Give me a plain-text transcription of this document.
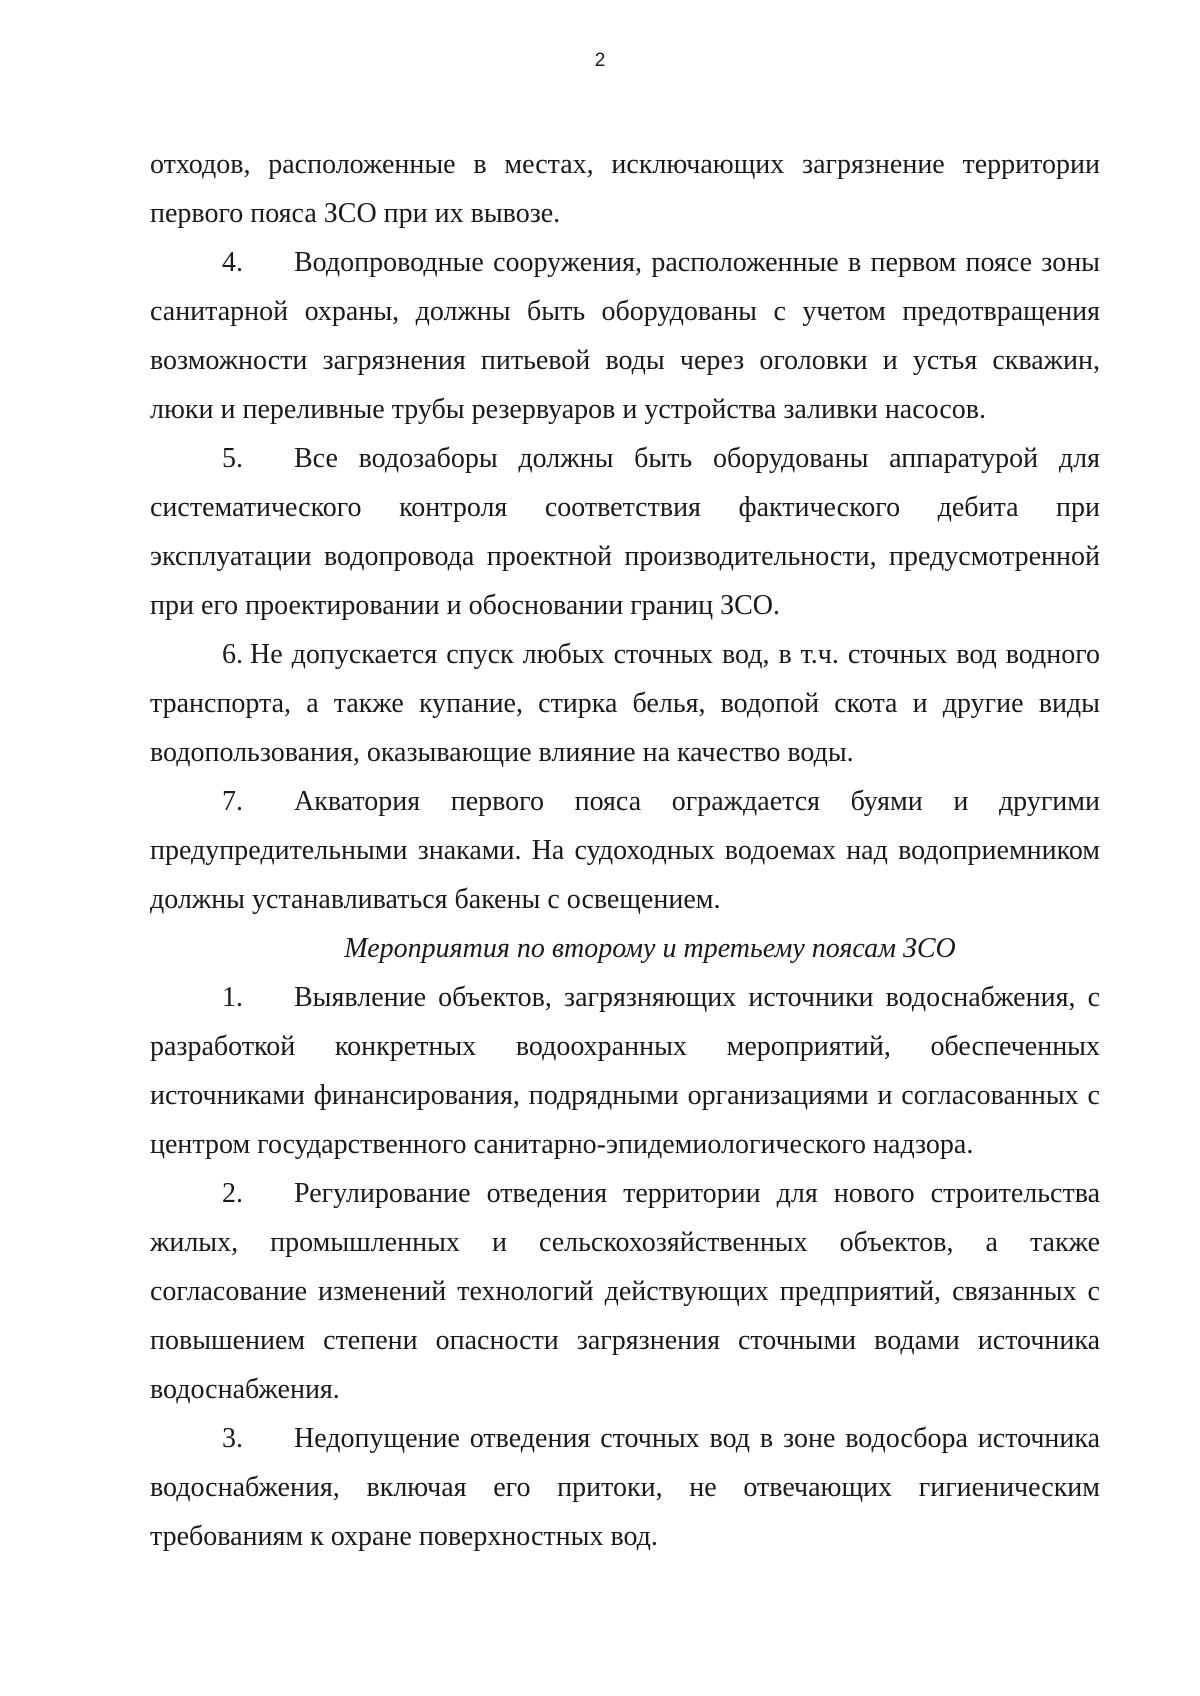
2

отходов, расположенные в местах, исключающих загрязнение территории первого пояса ЗСО при их вывозе.

4. Водопроводные сооружения, расположенные в первом поясе зоны санитарной охраны, должны быть оборудованы с учетом предотвращения возможности загрязнения питьевой воды через оголовки и устья скважин, люки и переливные трубы резервуаров и устройства заливки насосов.

5. Все водозаборы должны быть оборудованы аппаратурой для систематического контроля соответствия фактического дебита при эксплуатации водопровода проектной производительности, предусмотренной при его проектировании и обосновании границ ЗСО.

6. Не допускается спуск любых сточных вод, в т.ч. сточных вод водного транспорта, а также купание, стирка белья, водопой скота и другие виды водопользования, оказывающие влияние на качество воды.

7. Акватория первого пояса ограждается буями и другими предупредительными знаками. На судоходных водоемах над водоприемником должны устанавливаться бакены с освещением.

Мероприятия по второму и третьему поясам ЗСО

1. Выявление объектов, загрязняющих источники водоснабжения, с разработкой конкретных водоохранных мероприятий, обеспеченных источниками финансирования, подрядными организациями и согласованных с центром государственного санитарно-эпидемиологического надзора.

2. Регулирование отведения территории для нового строительства жилых, промышленных и сельскохозяйственных объектов, а также согласование изменений технологий действующих предприятий, связанных с повышением степени опасности загрязнения сточными водами источника водоснабжения.

3. Недопущение отведения сточных вод в зоне водосбора источника водоснабжения, включая его притоки, не отвечающих гигиеническим требованиям к охране поверхностных вод.
